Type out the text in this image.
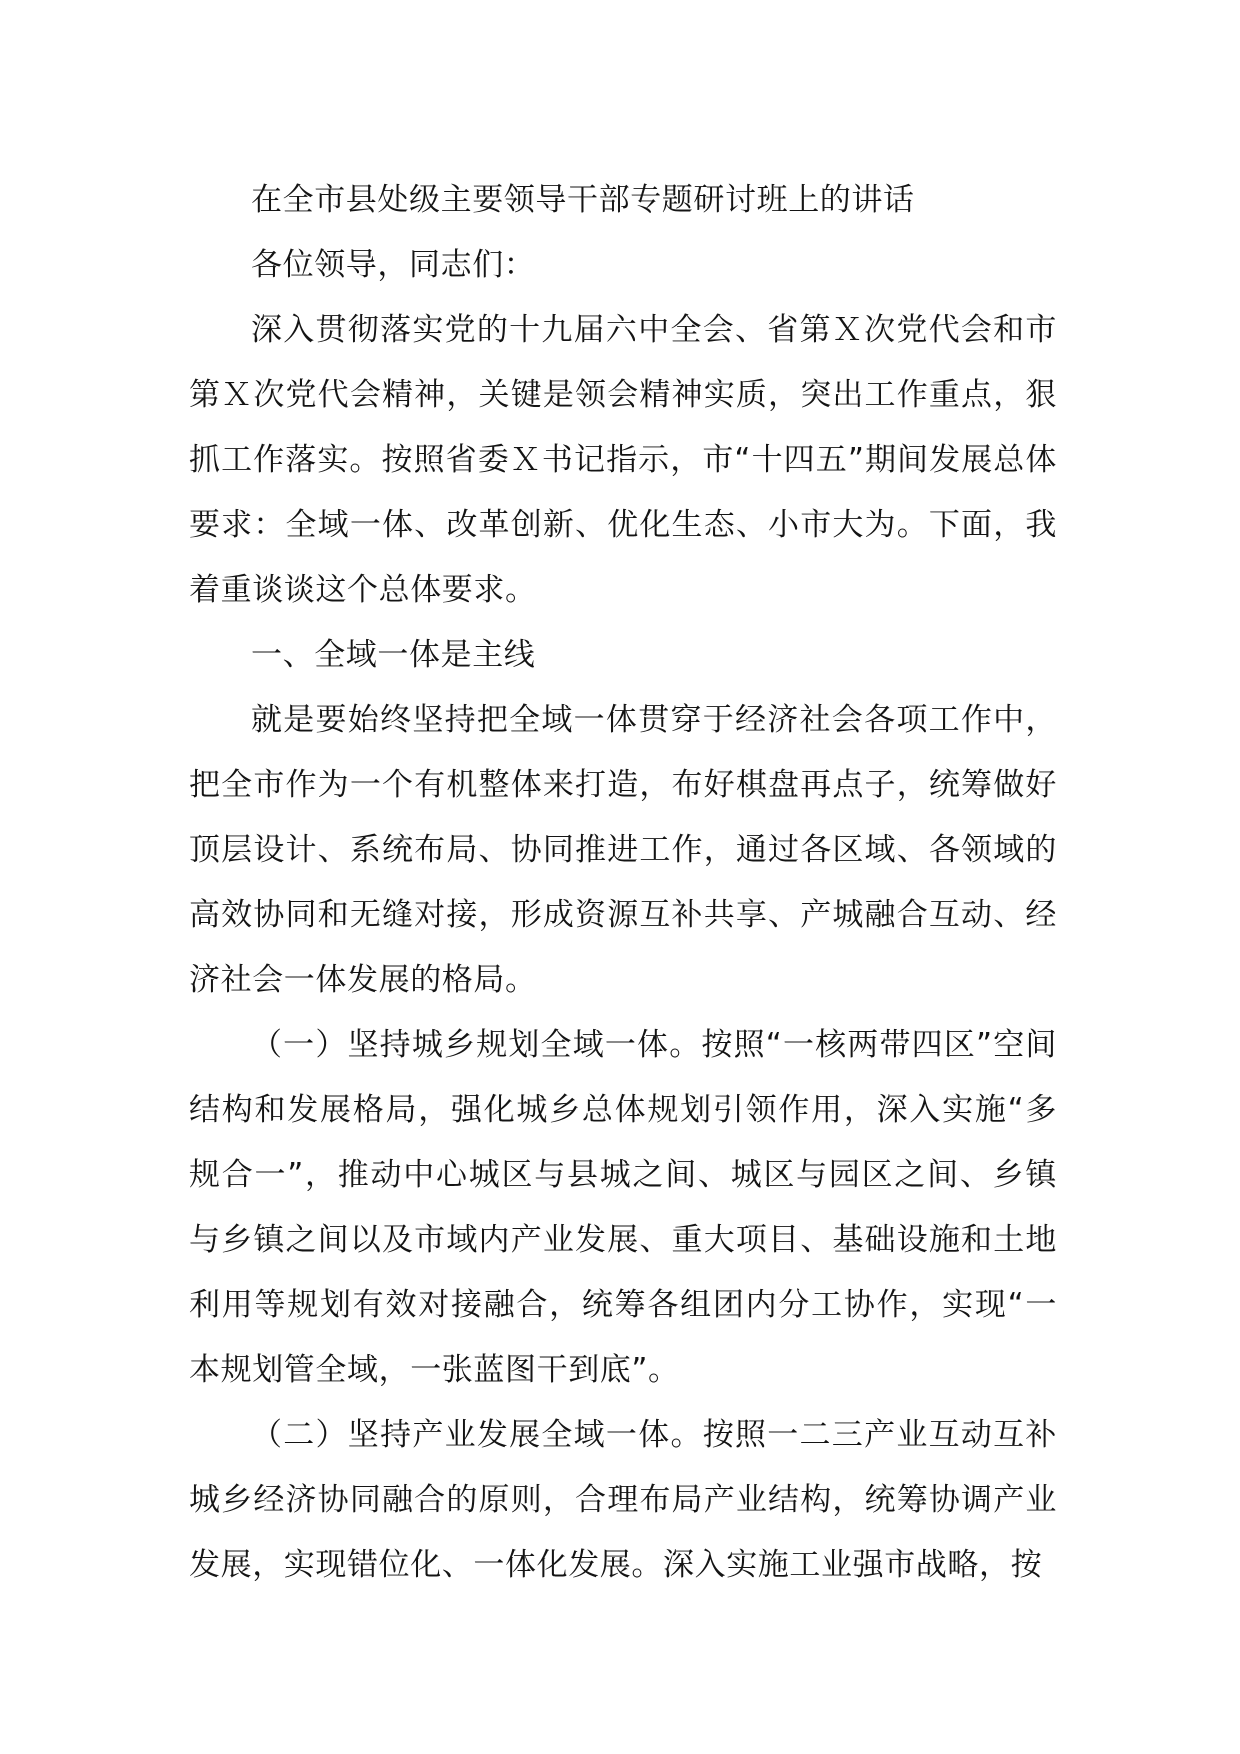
在全市县处级主要领导干部专题研讨班上的讲话

各位领导，同志们：

深入贯彻落实党的十九届六中全会、省第Ｘ次党代会和市第Ｘ次党代会精神，关键是领会精神实质，突出工作重点，狠抓工作落实。按照省委Ｘ书记指示，市“十四五”期间发展总体要求：全域一体、改革创新、优化生态、小市大为。下面，我着重谈谈这个总体要求。

一、全域一体是主线

就是要始终坚持把全域一体贯穿于经济社会各项工作中，把全市作为一个有机整体来打造，布好棋盘再点子，统筹做好顶层设计、系统布局、协同推进工作，通过各区域、各领域的高效协同和无缝对接，形成资源互补共享、产城融合互动、经济社会一体发展的格局。

（一）坚持城乡规划全域一体。按照“一核两带四区”空间结构和发展格局，强化城乡总体规划引领作用，深入实施“多规合一”，推动中心城区与县城之间、城区与园区之间、乡镇与乡镇之间以及市域内产业发展、重大项目、基础设施和土地利用等规划有效对接融合，统筹各组团内分工协作，实现“一本规划管全域，一张蓝图干到底”。

（二）坚持产业发展全域一体。按照一二三产业互动互补城乡经济协同融合的原则，合理布局产业结构，统筹协调产业发展，实现错位化、一体化发展。深入实施工业强市战略，按
